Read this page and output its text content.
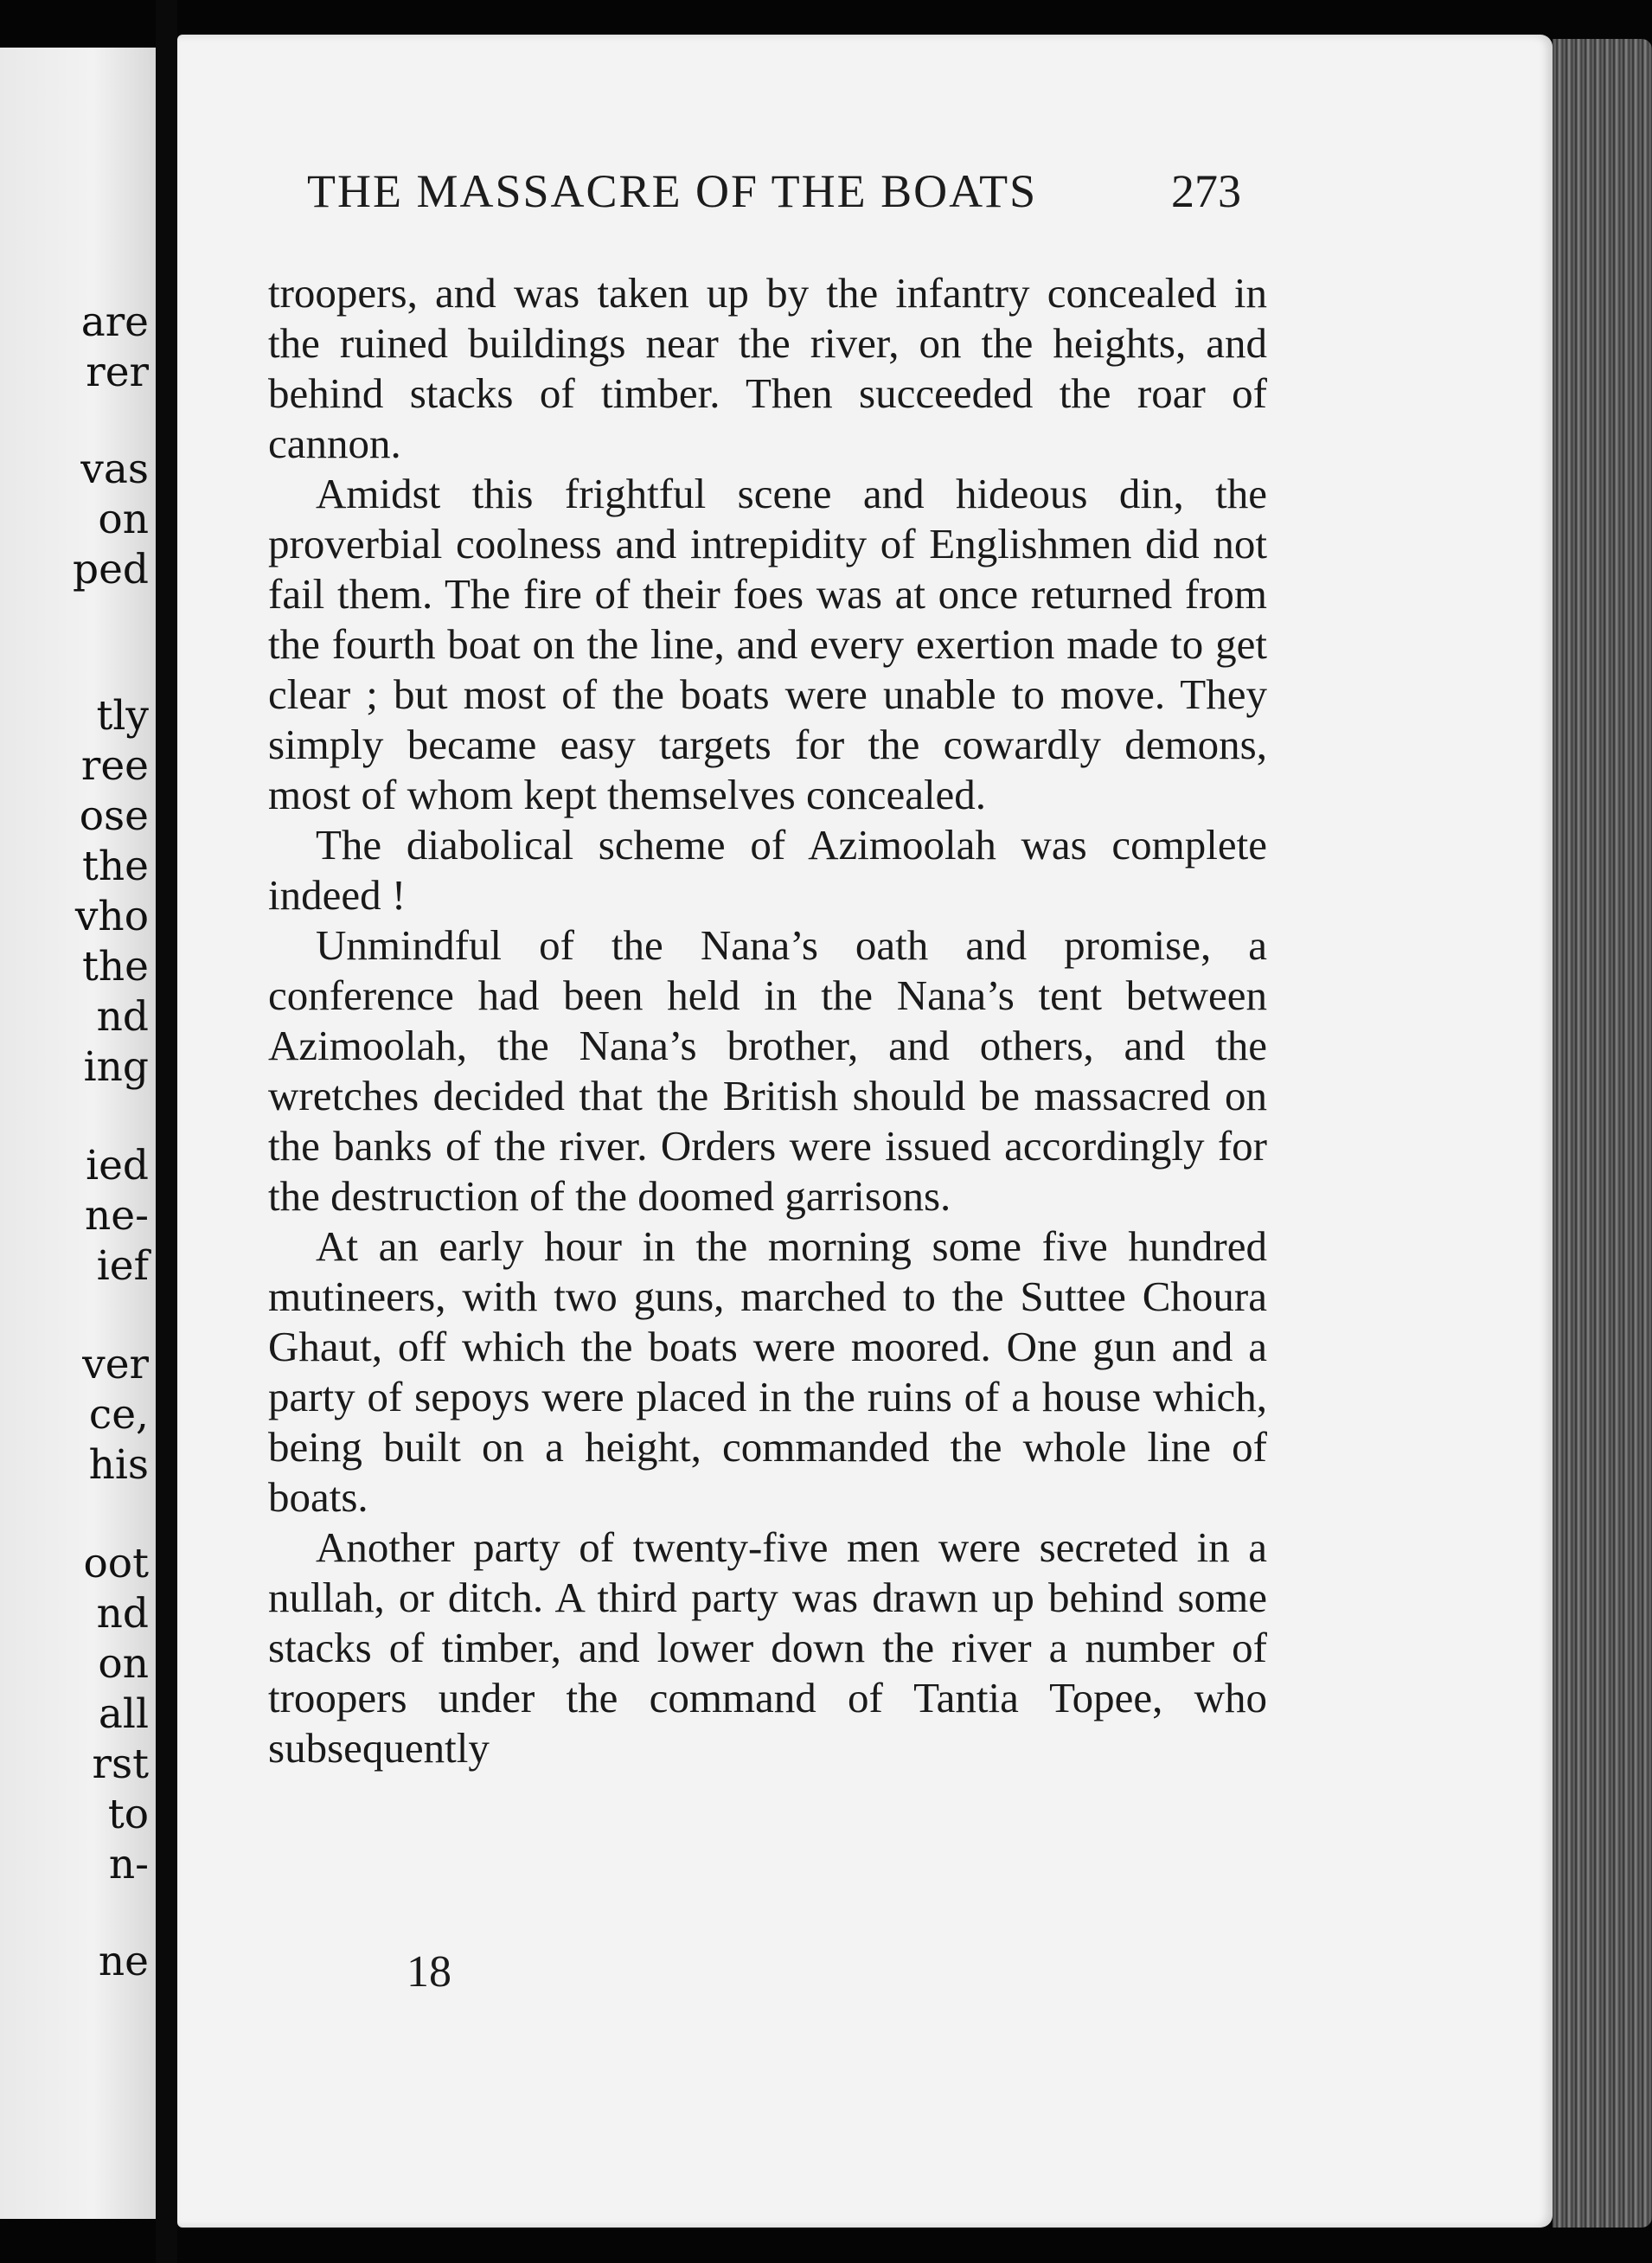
are
rer
vas
on
ped
tly
ree
ose
the
vho
the
nd
ing
ied
ne-
ief
ver
ce,
his
oot
nd
on
all
rst
to
n-
ne
THE MASSACRE OF THE BOATS	273

troopers, and was taken up by the infantry concealed in the ruined buildings near the river, on the heights, and behind stacks of timber. Then succeeded the roar of cannon.

Amidst this frightful scene and hideous din, the proverbial coolness and intrepidity of Englishmen did not fail them. The fire of their foes was at once returned from the fourth boat on the line, and every exertion made to get clear ; but most of the boats were unable to move. They simply became easy targets for the cowardly demons, most of whom kept themselves concealed.

The diabolical scheme of Azimoolah was complete indeed !

Unmindful of the Nana’s oath and promise, a conference had been held in the Nana’s tent between Azimoolah, the Nana’s brother, and others, and the wretches decided that the British should be massacred on the banks of the river. Orders were issued accordingly for the destruction of the doomed garrisons.

At an early hour in the morning some five hundred mutineers, with two guns, marched to the Suttee Choura Ghaut, off which the boats were moored. One gun and a party of sepoys were placed in the ruins of a house which, being built on a height, commanded the whole line of boats.

Another party of twenty-five men were secreted in a nullah, or ditch. A third party was drawn up behind some stacks of timber, and lower down the river a number of troopers under the command of Tantia Topee, who subsequently

18
